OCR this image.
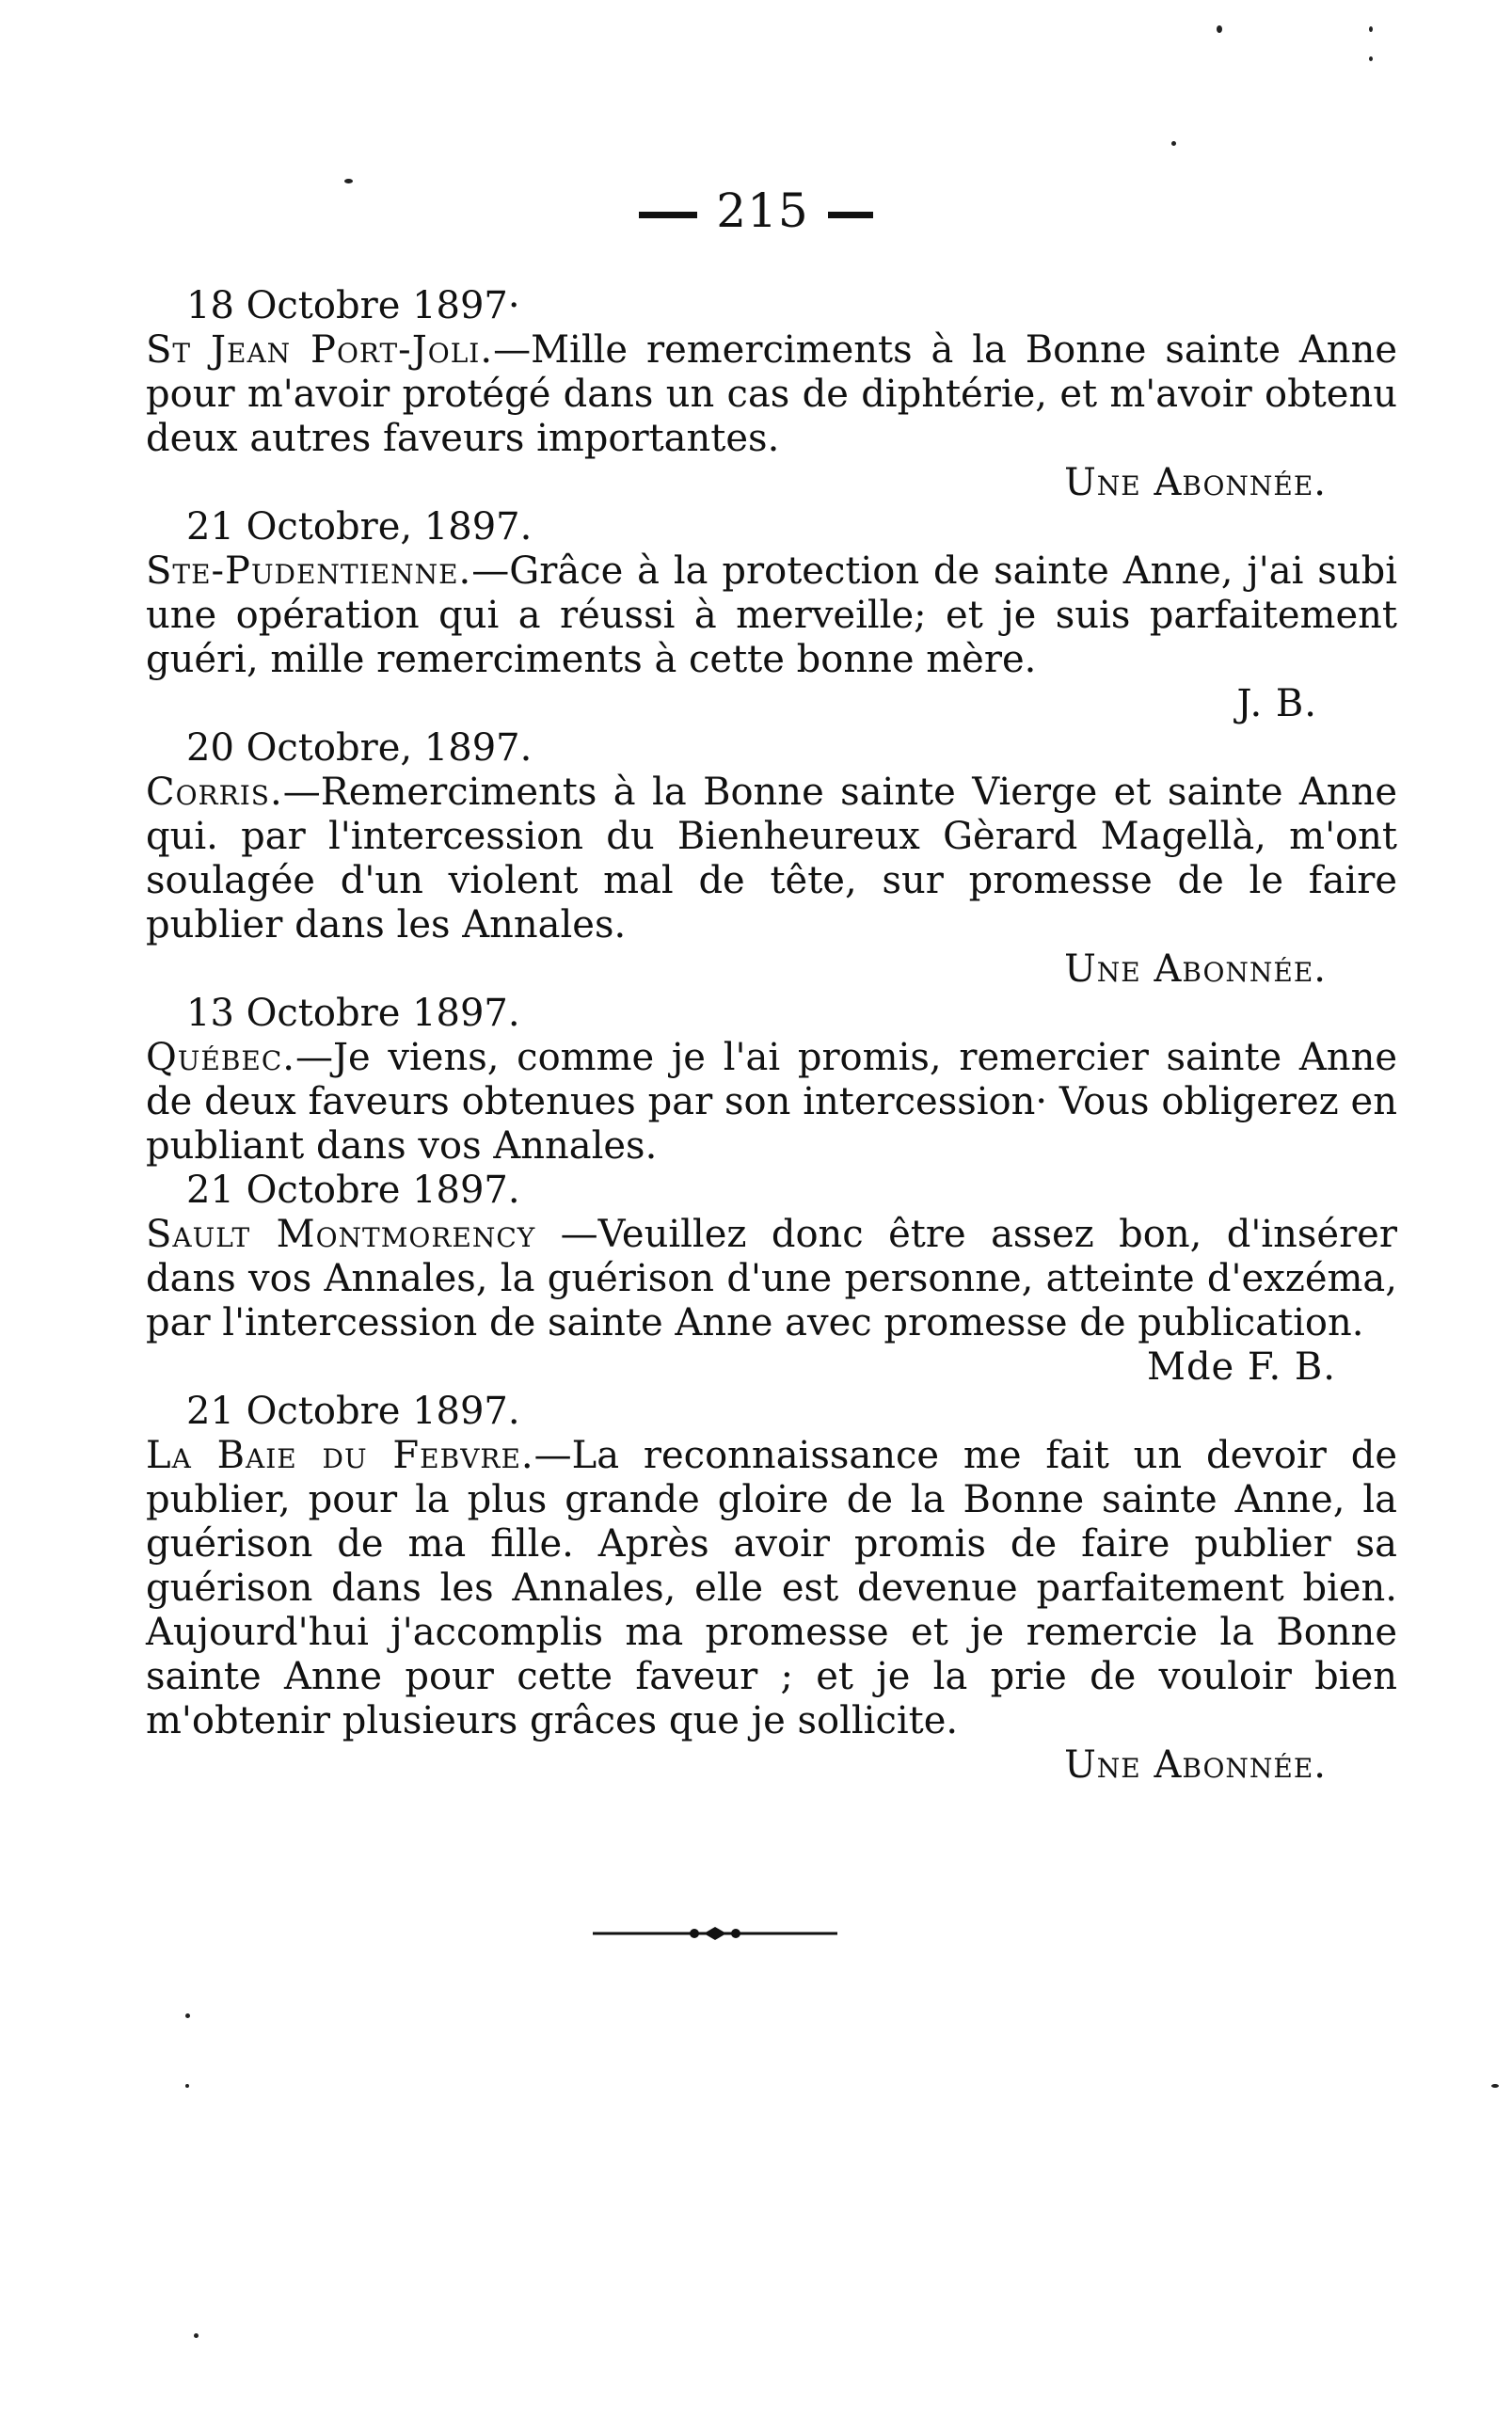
215
18 Octobre 1897·
St Jean Port-Joli.—Mille remerciments à la Bonne sainte Anne pour m'avoir protégé dans un cas de diphtérie, et m'avoir obtenu deux autres faveurs importantes.
Une Abonnée.
21 Octobre, 1897.
Ste-Pudentienne.—Grâce à la protection de sainte Anne, j'ai subi une opération qui a réussi à merveille; et je suis parfaitement guéri, mille remerciments à cette bonne mère.
J. B.
20 Octobre, 1897.
Corris.—Remerciments à la Bonne sainte Vierge et sainte Anne qui. par l'intercession du Bienheureux Gèrard Magellà, m'ont soulagée d'un violent mal de tête, sur promesse de le faire publier dans les Annales.
Une Abonnée.
13 Octobre 1897.
Québec.—Je viens, comme je l'ai promis, remercier sainte Anne de deux faveurs obtenues par son intercession· Vous obligerez en publiant dans vos Annales.
21 Octobre 1897.
Sault Montmorency —Veuillez donc être assez bon, d'insérer dans vos Annales, la guérison d'une personne, atteinte d'exzéma, par l'intercession de sainte Anne avec promesse de publication.
Mde F. B.
21 Octobre 1897.
La Baie du Febvre.—La reconnaissance me fait un devoir de publier, pour la plus grande gloire de la Bonne sainte Anne, la guérison de ma fille. Après avoir promis de faire publier sa guérison dans les Annales, elle est devenue parfaitement bien. Aujourd'hui j'accomplis ma promesse et je remercie la Bonne sainte Anne pour cette faveur ; et je la prie de vouloir bien m'obtenir plusieurs grâces que je sollicite.
Une Abonnée.
